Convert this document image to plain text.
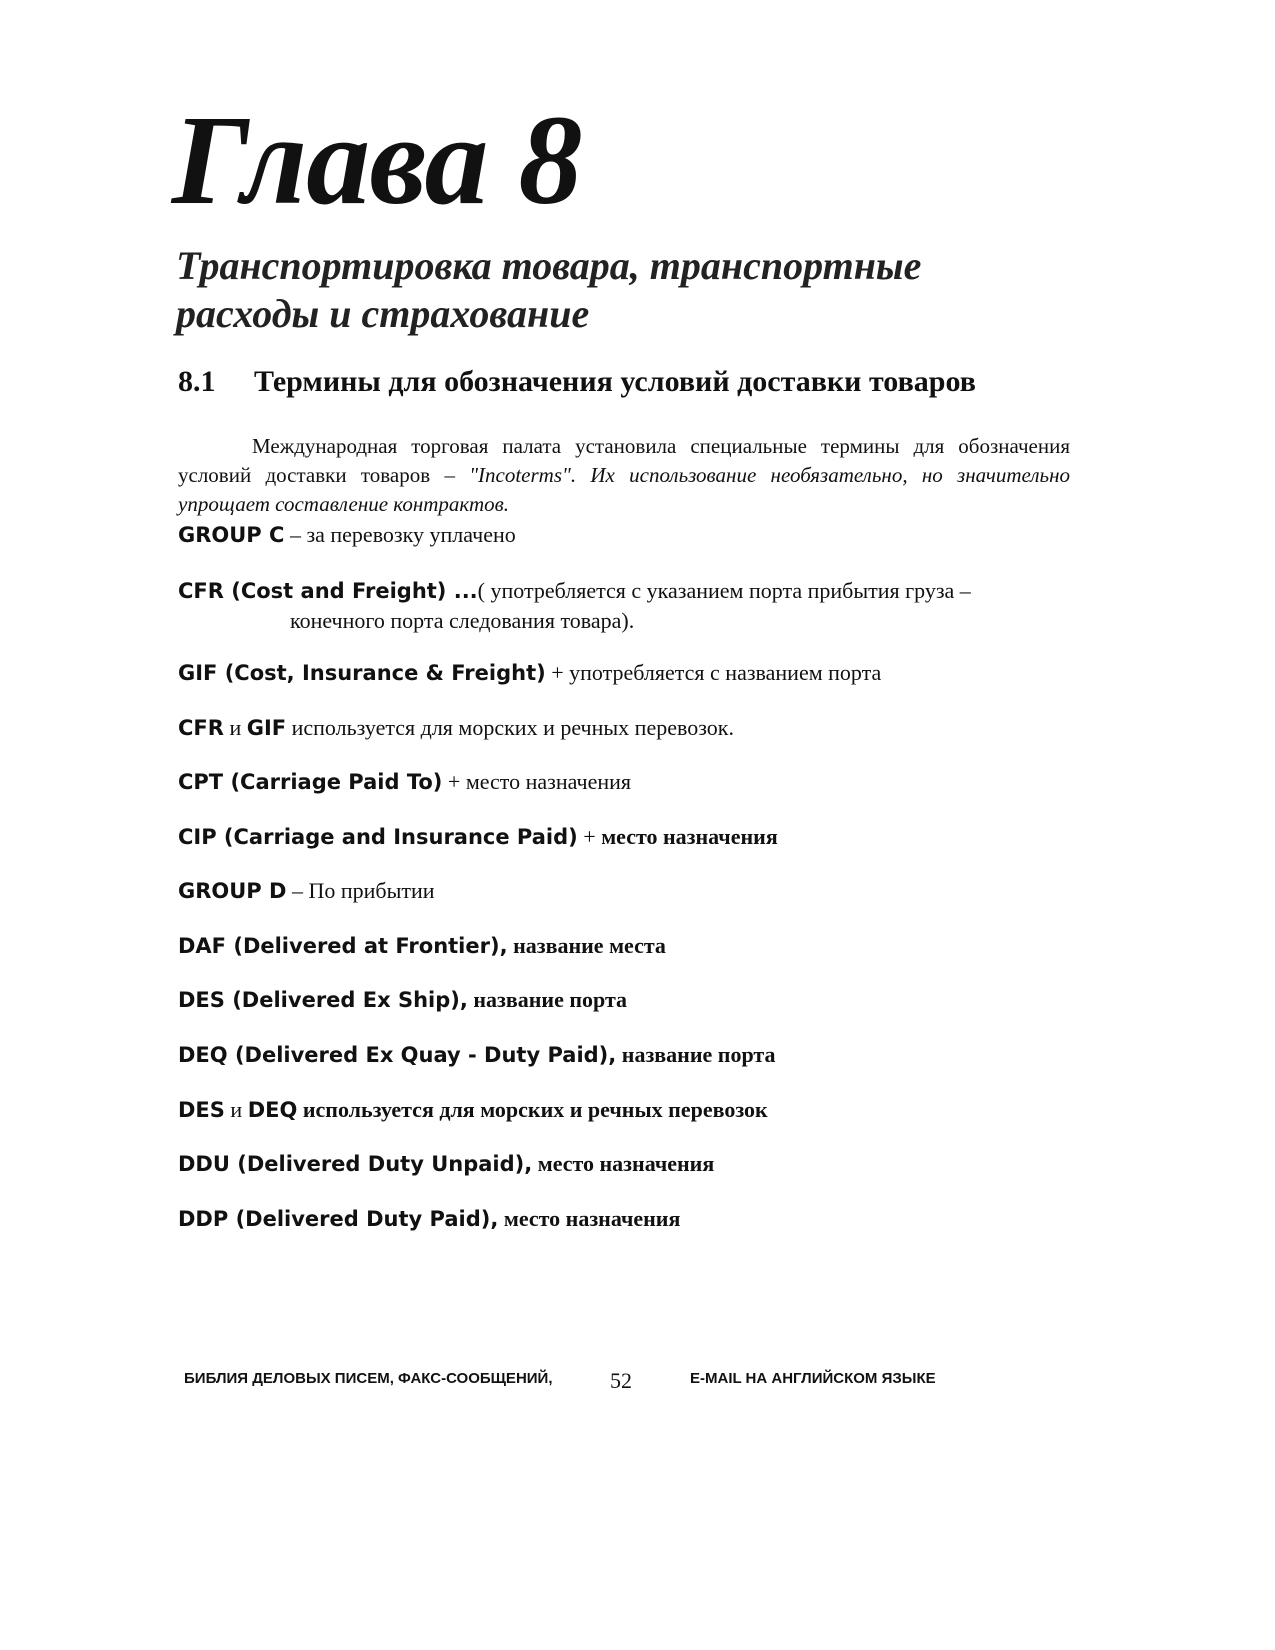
Глава 8
Транспортировка товара, транспортные
расходы и страхование
8.1 Термины для обозначения условий доставки товаров

Международная торговая палата установила специальные термины для обозначения условий доставки товаров – "Incoterms". Их использование необязательно, но значительно упрощает составление контрактов.

GROUP C – за перевозку уплачено

CFR (Cost and Freight) ...( употребляется с указанием порта прибытия груза –
конечного порта следования товара).

GIF (Cost, Insurance & Freight) + употребляется с названием порта

CFR и GIF используется для морских и речных перевозок.

CPT (Carriage Paid To) + место назначения

CIP (Carriage and Insurance Paid) + место назначения

GROUP D – По прибытии

DAF (Delivered at Frontier), название места

DES (Delivered Ex Ship), название порта

DEQ (Delivered Ex Quay - Duty Paid), название порта

DES и DEQ используется для морских и речных перевозок

DDU (Delivered Duty Unpaid), место назначения

DDP (Delivered Duty Paid), место назначения

БИБЛИЯ ДЕЛОВЫХ ПИСЕМ, ФАКС-СООБЩЕНИЙ,	52	E-MAIL НА АНГЛИЙСКОМ ЯЗЫКЕ
